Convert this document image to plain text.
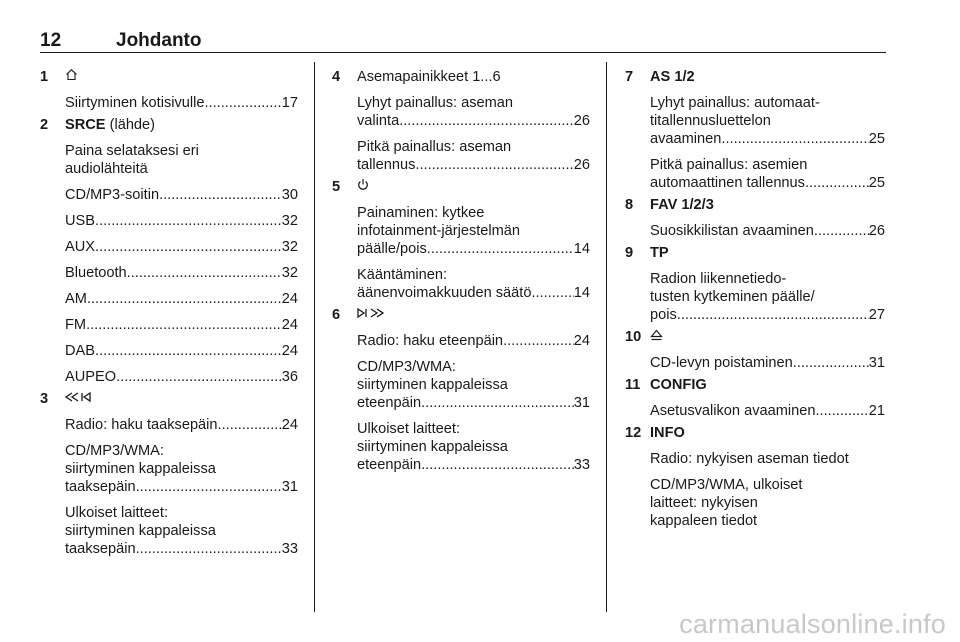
12	Johdanto
1
Siirtyminen kotisivulle .....	17
2 SRCE (lähde)
Paina selataksesi eri
audiolähteitä
CD/MP3-soitin .....	30
USB .....	32
AUX .....	32
Bluetooth .....	32
AM .....	24
FM .....	24
DAB .....	24
AUPEO .....	36
3
Radio: haku taaksepäin .....	24
CD/MP3/WMA:
siirtyminen kappaleissa
taaksepäin .....	31
Ulkoiset laitteet:
siirtyminen kappaleissa
taaksepäin .....	33
4 Asemapainikkeet 1...6
Lyhyt painallus: aseman
valinta .....	26
Pitkä painallus: aseman
tallennus .....	26
5
Painaminen: kytkee
infotainment-järjestelmän
päälle/pois .....	14
Kääntäminen:
äänenvoimakkuuden säätö .....	14
6
Radio: haku eteenpäin .....	24
CD/MP3/WMA:
siirtyminen kappaleissa
eteenpäin .....	31
Ulkoiset laitteet:
siirtyminen kappaleissa
eteenpäin .....	33
7 AS 1/2
Lyhyt painallus: automaat-
titallennusluettelon
avaaminen .....	25
Pitkä painallus: asemien
automaattinen tallennus .....	25
8 FAV 1/2/3
Suosikkilistan avaaminen .....	26
9 TP
Radion liikennetiedo-
tusten kytkeminen päälle/
pois .....	27
10
CD-levyn poistaminen .....	31
11 CONFIG
Asetusvalikon avaaminen .....	21
12 INFO
Radio: nykyisen aseman tiedot
CD/MP3/WMA, ulkoiset
laitteet: nykyisen
kappaleen tiedot
carmanualsonline.info
